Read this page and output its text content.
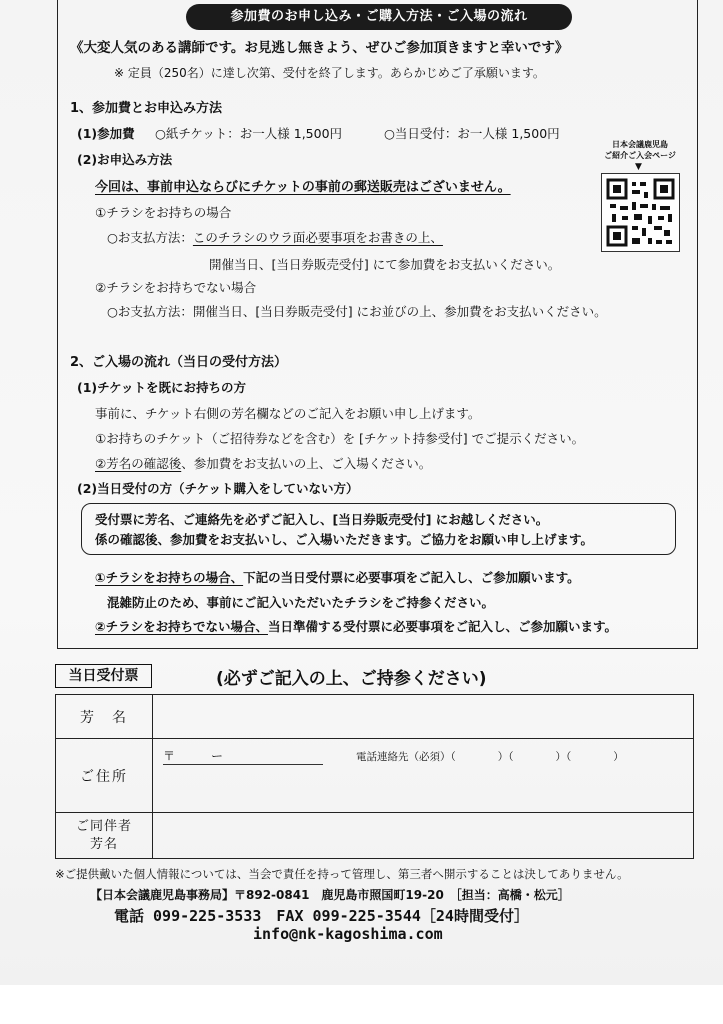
参加費のお申し込み・ご購入方法・ご入場の流れ
《大変人気のある講師です。お見逃し無きよう、ぜひご参加頂きますと幸いです》
※ 定員（250名）に達し次第、受付を終了します。あらかじめご了承願います。
1、参加費とお申込み方法
(1)参加費 ○紙チケット：お一人様 1,500円	○当日受付：お一人様 1,500円
(2)お申込み方法
今回は、事前申込ならびにチケットの事前の郵送販売はございません。
①チラシをお持ちの場合
○お支払方法：このチラシのウラ面必要事項をお書きの上、
開催当日、[当日券販売受付] にて参加費をお支払いください。
②チラシをお持ちでない場合
○お支払方法：開催当日、[当日券販売受付] にお並びの上、参加費をお支払いください。
日本会議鹿児島
ご紹介ご入会ページ
▼
2、ご入場の流れ（当日の受付方法）
(1)チケットを既にお持ちの方
事前に、チケット右側の芳名欄などのご記入をお願い申し上げます。
①お持ちのチケット（ご招待券などを含む）を [チケット持参受付] でご提示ください。
②芳名の確認後、参加費をお支払いの上、ご入場ください。
(2)当日受付の方（チケット購入をしていない方）
受付票に芳名、ご連絡先を必ずご記入し、[当日券販売受付] にお越しください。
係の確認後、参加費をお支払いし、ご入場いただきます。ご協力をお願い申し上げます。
①チラシをお持ちの場合、下記の当日受付票に必要事項をご記入し、ご参加願います。
混雑防止のため、事前にご記入いただいたチラシをご持参ください。
②チラシをお持ちでない場合、当日準備する受付票に必要事項をご記入し、ご参加願います。
当日受付票	(必ずご記入の上、ご持参ください)
芳　名	
ご住所	〒　　　ー 電話連絡先（必須）（　　　　）（　　　　）（　　　　）

ご同伴者
芳名	

※ご提供戴いた個人情報については、当会で責任を持って管理し、第三者へ開示することは決してありません。
【日本会議鹿児島事務局】〒892-0841　鹿児島市照国町19-20　［担当：高橋・松元］
電話 099-225-3533　FAX 099-225-3544［24時間受付］
info@nk-kagoshima.com
